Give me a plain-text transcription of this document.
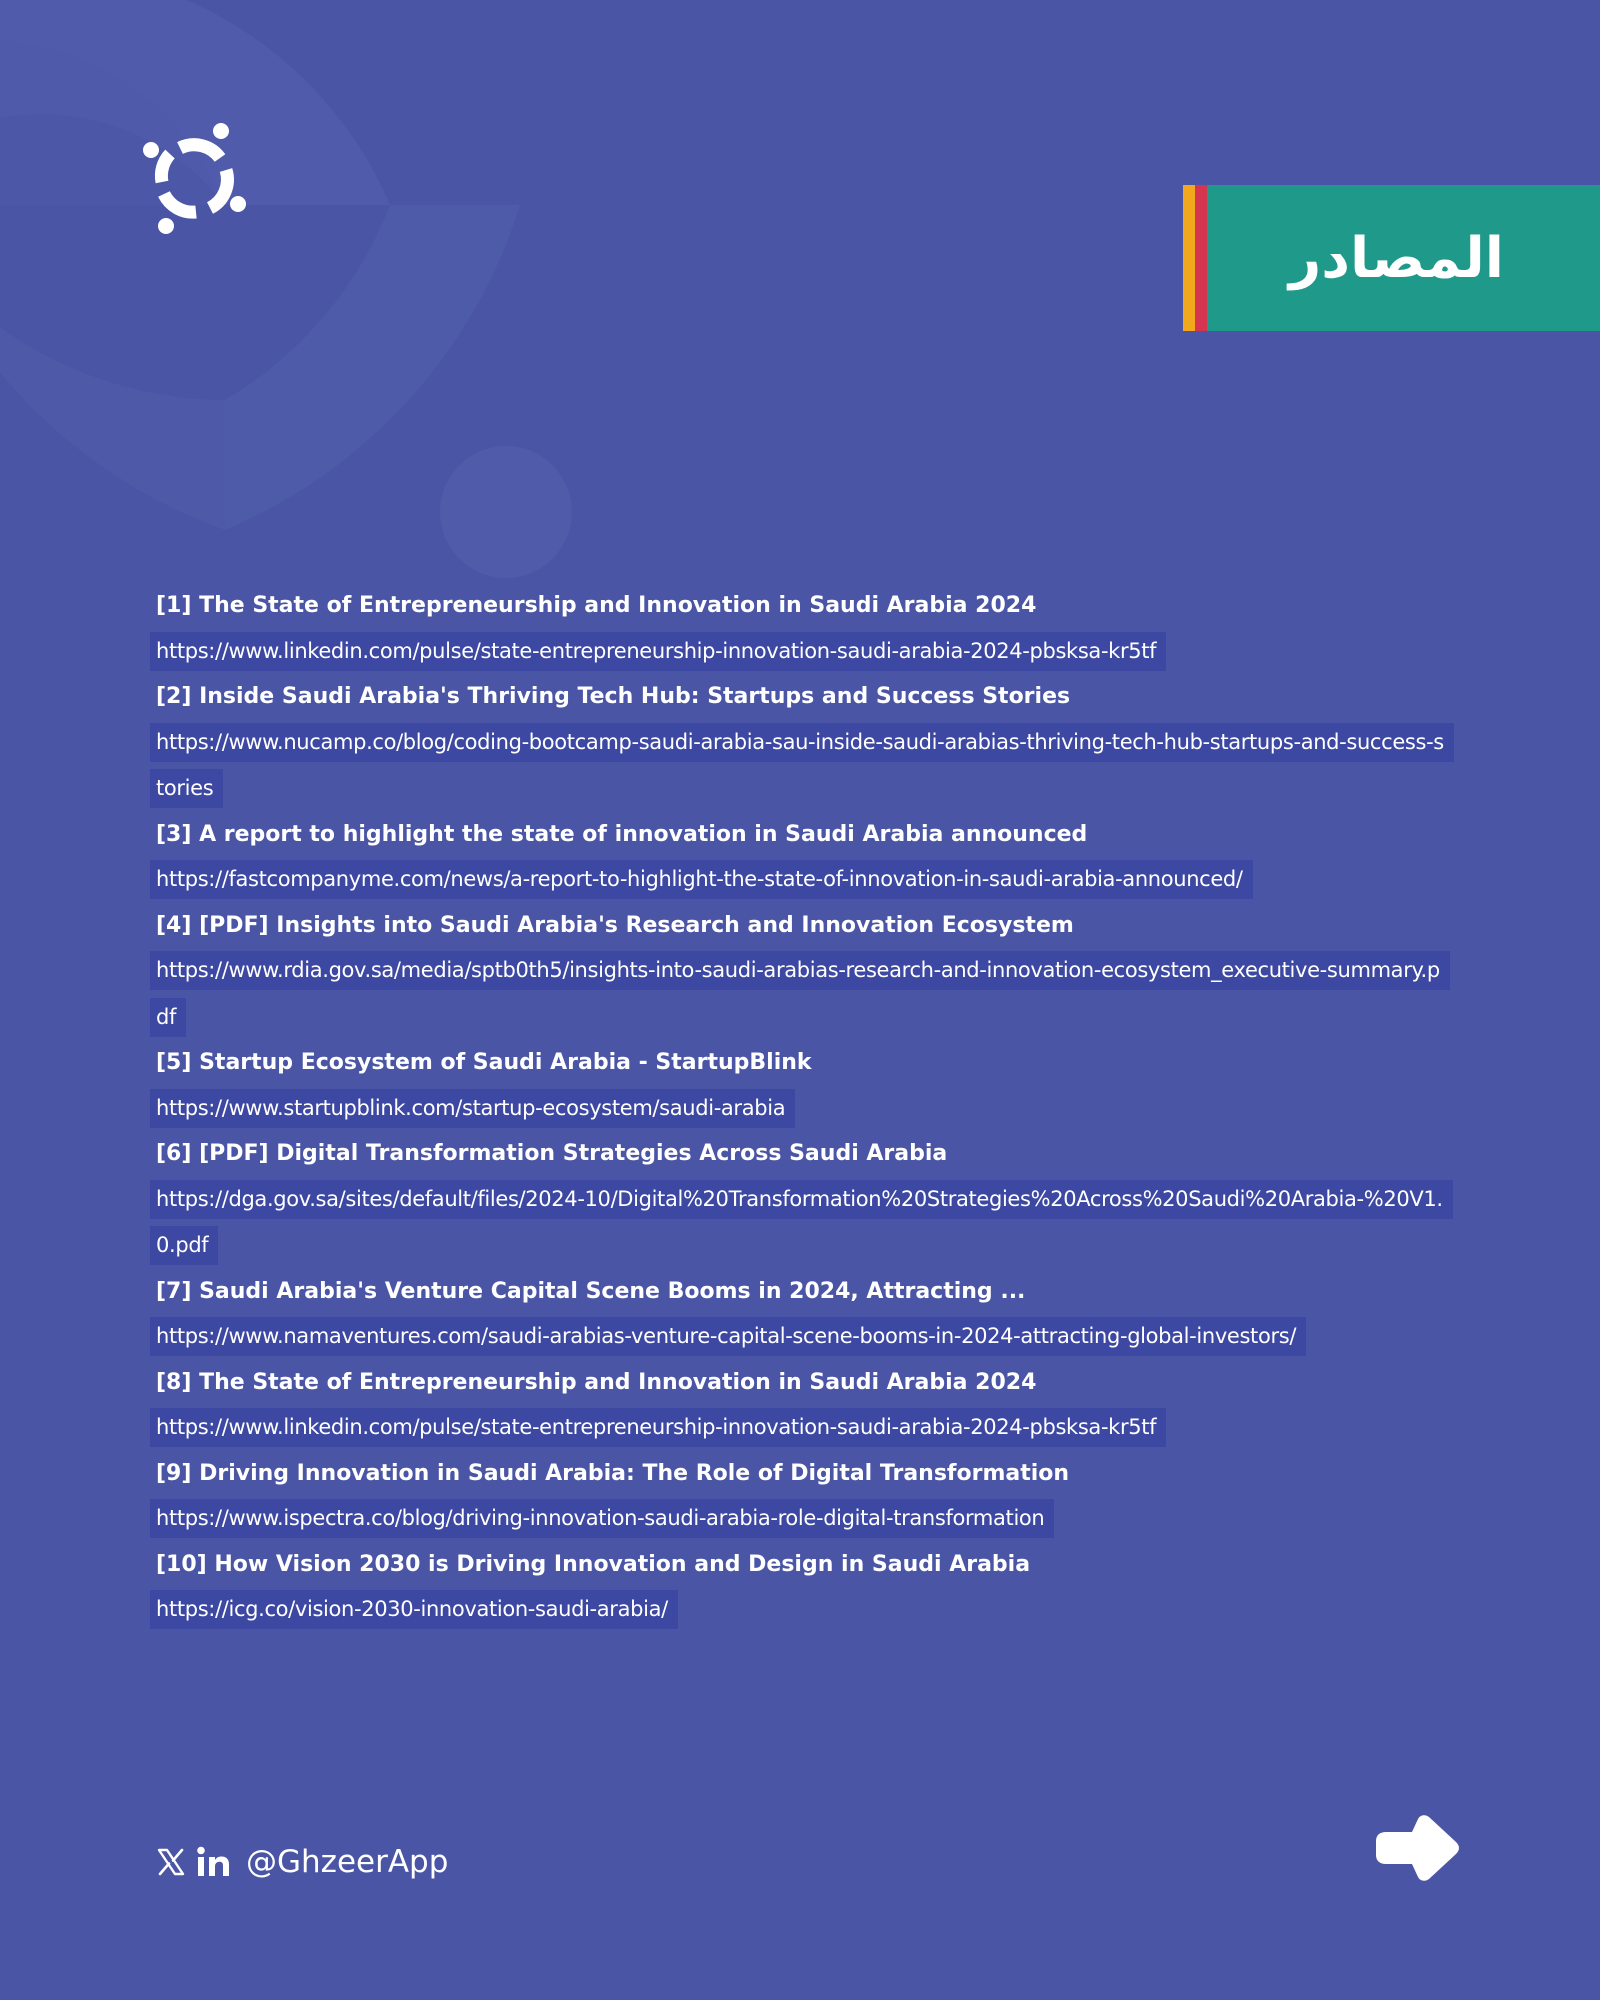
المصادر
[1] The State of Entrepreneurship and Innovation in Saudi Arabia 2024
https://www.linkedin.com/pulse/state-entrepreneurship-innovation-saudi-arabia-2024-pbsksa-kr5tf
[2] Inside Saudi Arabia's Thriving Tech Hub: Startups and Success Stories
https://www.nucamp.co/blog/coding-bootcamp-saudi-arabia-sau-inside-saudi-arabias-thriving-tech-hub-startups-and-success-stories
[3] A report to highlight the state of innovation in Saudi Arabia announced
https://fastcompanyme.com/news/a-report-to-highlight-the-state-of-innovation-in-saudi-arabia-announced/
[4] [PDF] Insights into Saudi Arabia's Research and Innovation Ecosystem
https://www.rdia.gov.sa/media/sptb0th5/insights-into-saudi-arabias-research-and-innovation-ecosystem_executive-summary.pdf
[5] Startup Ecosystem of Saudi Arabia - StartupBlink
https://www.startupblink.com/startup-ecosystem/saudi-arabia
[6] [PDF] Digital Transformation Strategies Across Saudi Arabia
https://dga.gov.sa/sites/default/files/2024-10/Digital%20Transformation%20Strategies%20Across%20Saudi%20Arabia-%20V1.0.pdf
[7] Saudi Arabia's Venture Capital Scene Booms in 2024, Attracting ...
https://www.namaventures.com/saudi-arabias-venture-capital-scene-booms-in-2024-attracting-global-investors/
[8] The State of Entrepreneurship and Innovation in Saudi Arabia 2024
https://www.linkedin.com/pulse/state-entrepreneurship-innovation-saudi-arabia-2024-pbsksa-kr5tf
[9] Driving Innovation in Saudi Arabia: The Role of Digital Transformation
https://www.ispectra.co/blog/driving-innovation-saudi-arabia-role-digital-transformation
[10] How Vision 2030 is Driving Innovation and Design in Saudi Arabia
https://icg.co/vision-2030-innovation-saudi-arabia/
@GhzeerApp
